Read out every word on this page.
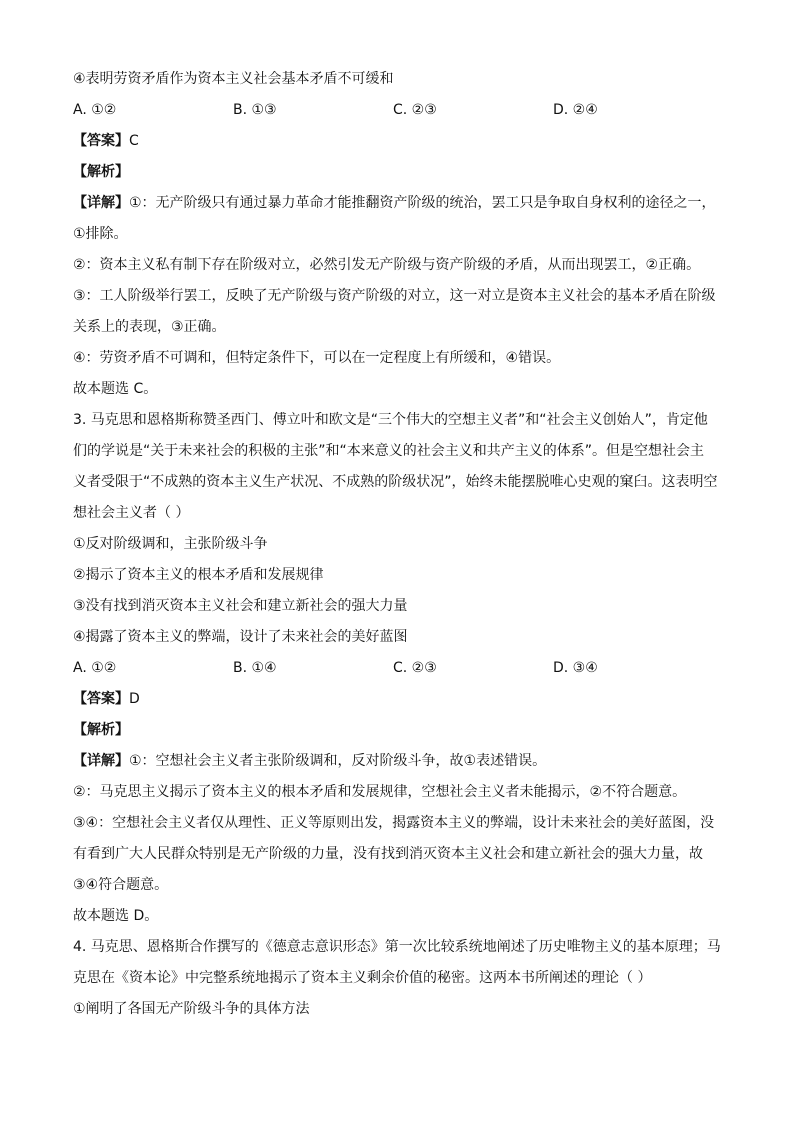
④表明劳资矛盾作为资本主义社会基本矛盾不可缓和
A. ①②	B. ①③	C. ②③	D. ②④
【答案】C
【解析】
【详解】①：无产阶级只有通过暴力革命才能推翻资产阶级的统治，罢工只是争取自身权利的途径之一，
①排除。
②：资本主义私有制下存在阶级对立，必然引发无产阶级与资产阶级的矛盾，从而出现罢工，②正确。
③：工人阶级举行罢工，反映了无产阶级与资产阶级的对立，这一对立是资本主义社会的基本矛盾在阶级
关系上的表现，③正确。
④：劳资矛盾不可调和，但特定条件下，可以在一定程度上有所缓和，④错误。
故本题选 C。
3. 马克思和恩格斯称赞圣西门、傅立叶和欧文是“三个伟大的空想主义者”和“社会主义创始人”，肯定他
们的学说是“关于未来社会的积极的主张”和“本来意义的社会主义和共产主义的体系”。但是空想社会主
义者受限于“不成熟的资本主义生产状况、不成熟的阶级状况”，始终未能摆脱唯心史观的窠臼。这表明空
想社会主义者（ ）
①反对阶级调和，主张阶级斗争
②揭示了资本主义的根本矛盾和发展规律
③没有找到消灭资本主义社会和建立新社会的强大力量
④揭露了资本主义的弊端，设计了未来社会的美好蓝图
A. ①②	B. ①④	C. ②③	D. ③④
【答案】D
【解析】
【详解】①：空想社会主义者主张阶级调和，反对阶级斗争，故①表述错误。
②：马克思主义揭示了资本主义的根本矛盾和发展规律，空想社会主义者未能揭示，②不符合题意。
③④：空想社会主义者仅从理性、正义等原则出发，揭露资本主义的弊端，设计未来社会的美好蓝图，没
有看到广大人民群众特别是无产阶级的力量，没有找到消灭资本主义社会和建立新社会的强大力量，故
③④符合题意。
故本题选 D。
4. 马克思、恩格斯合作撰写的《德意志意识形态》第一次比较系统地阐述了历史唯物主义的基本原理；马
克思在《资本论》中完整系统地揭示了资本主义剩余价值的秘密。这两本书所阐述的理论（ ）
①阐明了各国无产阶级斗争的具体方法
